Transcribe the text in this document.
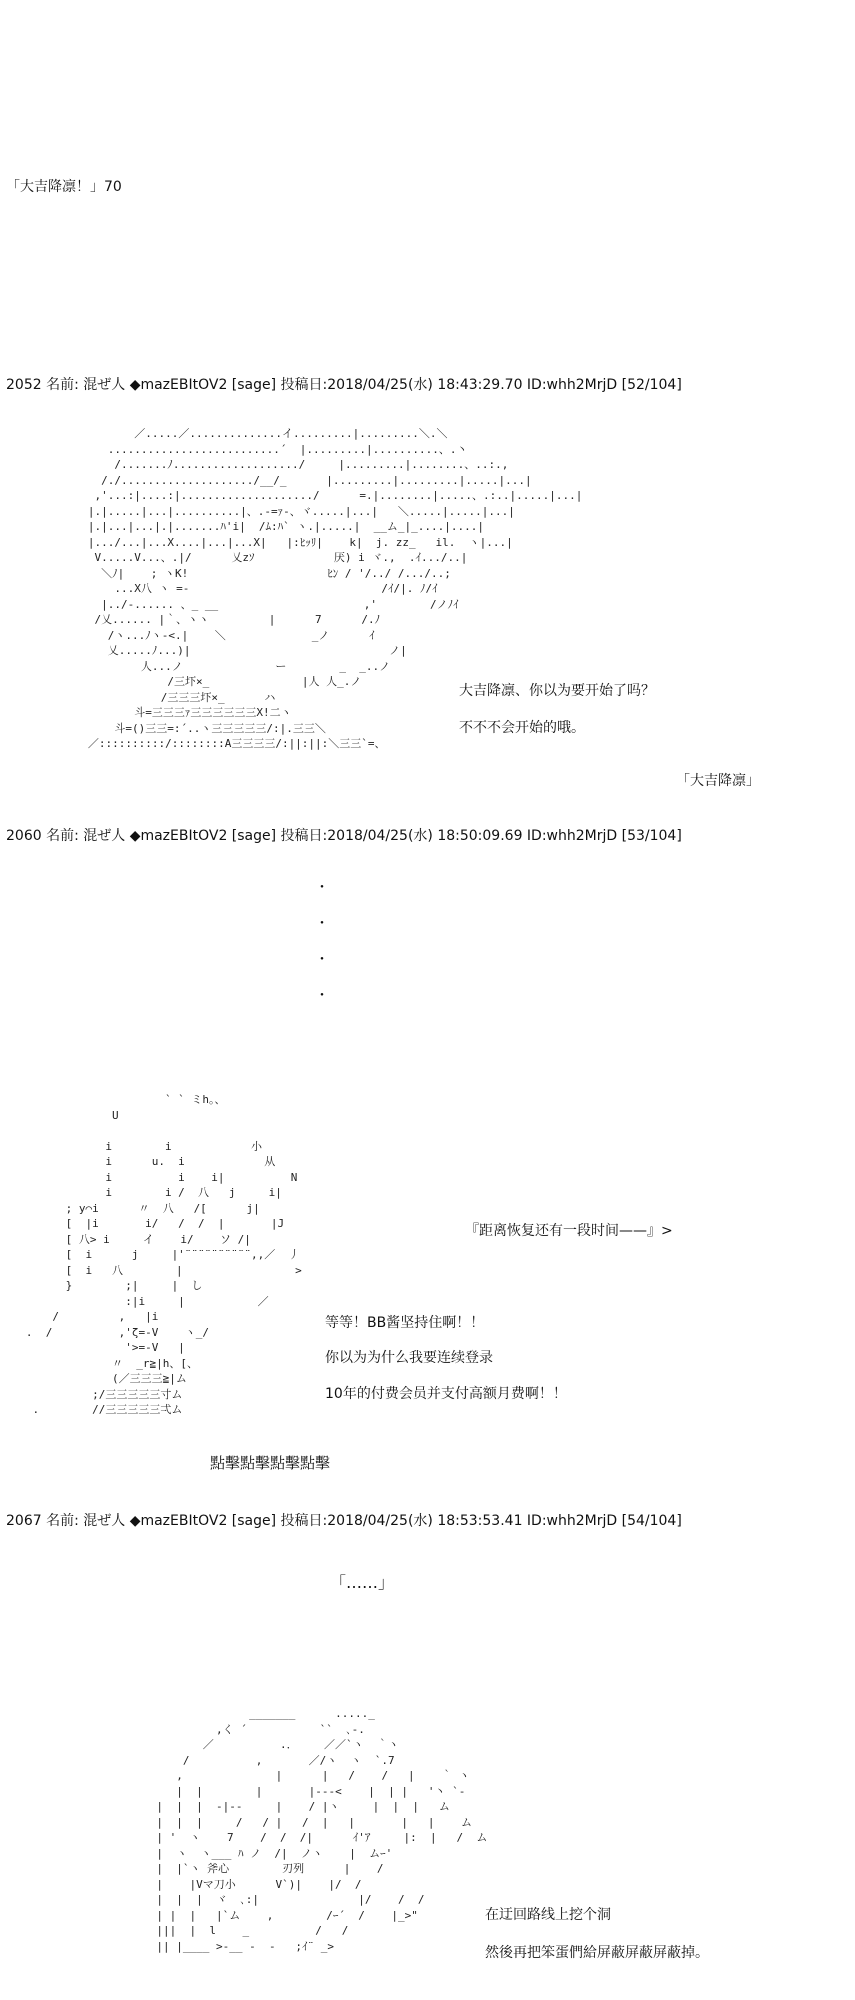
「大吉降凛！」70
2052 名前: 混ぜ人 ◆mazEBItOV2 [sage] 投稿日:2018/04/25(水) 18:43:29.70 ID:whh2MrjD [52/104]
／.....／..............イ.........|.........＼.＼
..........................´  |.........|..........、.丶
/.......ﾉ.................../     |.........|........、..:.,
/./..................../__/_      |.........|.........|.....|...|
,'...:|....:|..................../      =.|........|.....、.:..|.....|...|
|.|.....|...|..........|、.-=ｧ-、ヾ.....|...|   ＼.....|.....|...|
|.|...|...|.|.......ﾊ'i|  /ﾑ:ﾊ` ヽ.|.....|  __ム_|_....|....|
|.../...|...X....|...|...X|   |:ﾋｯﾘ|    k|  j. zz_   il.  ヽ|...|
V.....V...、.|/      乂zｿ            厌) i ヾ.,  .ｲ.../..|
＼ﾉ|    ; ヽK!                     ﾋﾝ / '/../ /.../..;
...X八 ヽ =-                             /ｲ/|. ﾉ/ｲ
|../-...... 、_ __                      ,'        /ノﾉｲ
/乂...... |｀、ヽヽ         |      7      /.ﾉ
/ヽ...ﾉヽ-<.|    ＼             _ノ      ｲ
乂.....ﾉ...)|                              ノ|
人...ノ              ー        _  _..ノ
/三圷×_              |人 人_.ノ
/三三三圷×_      ハ
斗=三三三ｧ三三三三三三X!二ヽ
斗=()三三=:´..ヽ三三三三三/:|.三三＼
／::::::::::/::::::::A三三三三/:||:||:＼三三`=、
大吉降凛、你以为要开始了吗？
不不不会开始的哦。
「大吉降凛」
2060 名前: 混ぜ人 ◆mazEBItOV2 [sage] 投稿日:2018/04/25(水) 18:50:09.69 ID:whh2MrjD [53/104]
・
・
・
・
` ` ミh。、
U

i        i            小
i      u.  i            从
i          i    i|          N
i        i /  八   j     i|
; у⌒i      〃  八   /[      j|
[  |i       i/   /  /  |       |J
[ 八> i     イ    i/    ソ /|
[  i      j     |'¨¨¨¨¨¨¨¨¨¨,,／  丿
[  i   八        |                 >
}        ;|     |  し
:|i     |           ／
/         ,   |i
.  /          ,'ζ=-V    ヽ_/
'>=-V   |
〃  _r≧|h、[、
(／三三三≧|ム
;/三三三三三寸ム
.        //三三三三三弌ム
『距离恢复还有一段时间——』>
等等！BB酱坚持住啊！！
你以为为什么我要连续登录
10年的付费会员并支付高额月费啊！！
點擊點擊點擊點擊
2067 名前: 混ぜ人 ◆mazEBItOV2 [sage] 投稿日:2018/04/25(水) 18:53:53.41 ID:whh2MrjD [54/104]
「……」
_______      ....._
,く ´           ``  ､-.
／          .．    ／／`ヽ  ｀ヽ
/          ,       ／/ヽ  ヽ  `.7
,              |      |   /    /   |    ｀ ヽ
|  |        |       |---<    |  | |   '丶 `-
|  |  |  -|--     |    / |ヽ     |  |  |   ム
|  |  |     /   / |   /  |   |       |   |    ム
| '  ヽ    7    /  /  /|      ｲ'ｱ     |:  |   /  ム
|  ヽ  ヽ___ ﾊ ノ  /|  ノヽ    |  ムｰ'
|  |`ヽ 斧心        刃列      |    /
|    |Vマ刀小      V`)|    |/  /
|  |  |  ヾ  ､:|               |/    /  /
| |  |   |`ム    ,        /ｰ´  /    |_>"
|||  |  l    _          /   /
|| |____ >-__ ‐  ‐   ;ｲ¨ _>
在迂回路线上挖个洞
然後再把笨蛋們給屏蔽屏蔽屏蔽掉。
